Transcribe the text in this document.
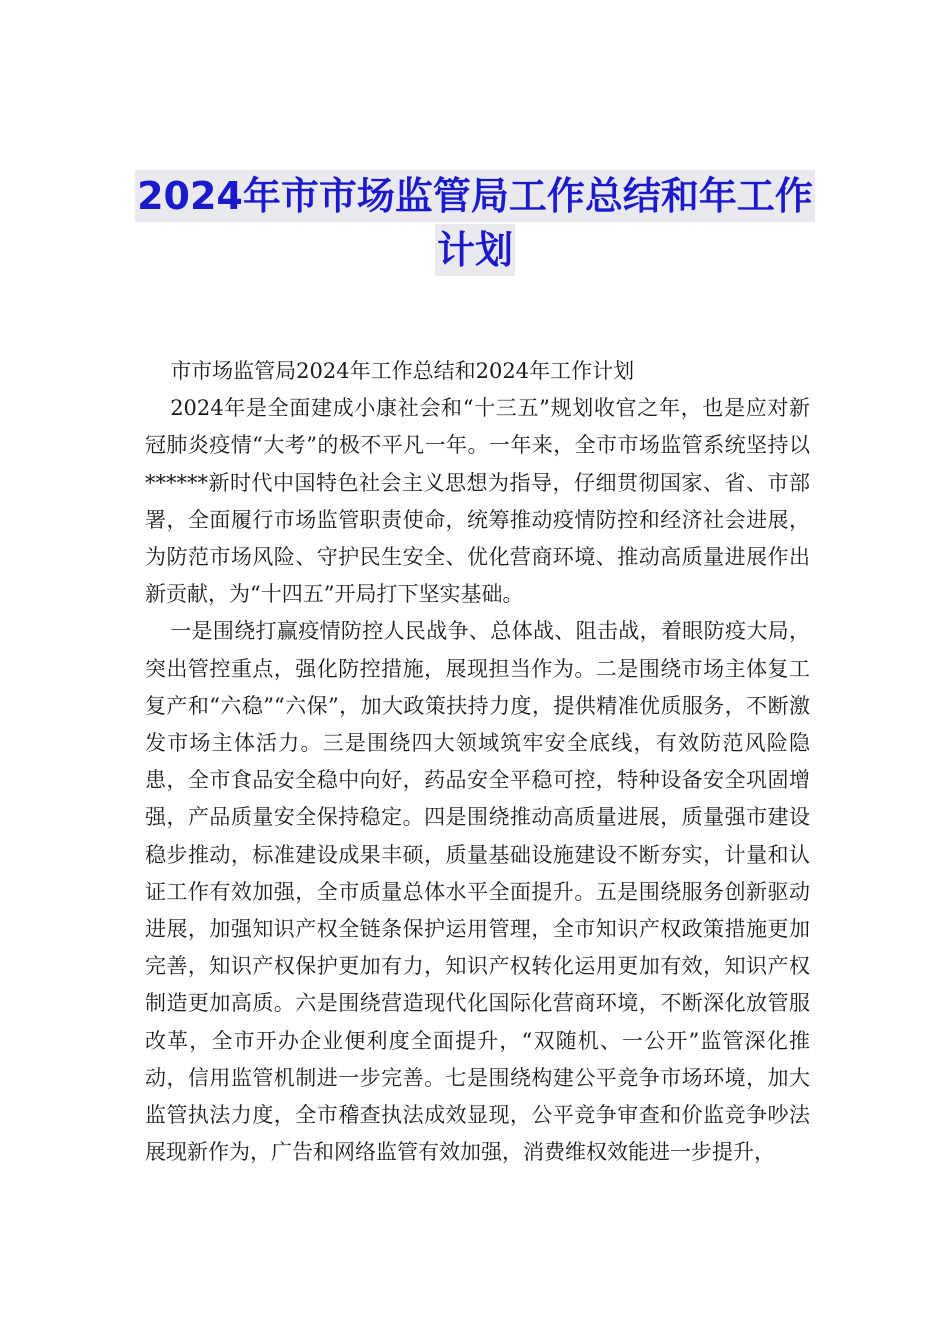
2024年市市场监管局工作总结和年工作
计划

市市场监管局2024年工作总结和2024年工作计划

2024年是全面建成小康社会和“十三五”规划收官之年，也是应对新冠肺炎疫情“大考”的极不平凡一年。一年来，全市市场监管系统坚持以******新时代中国特色社会主义思想为指导，仔细贯彻国家、省、市部署，全面履行市场监管职责使命，统筹推动疫情防控和经济社会进展，为防范市场风险、守护民生安全、优化营商环境、推动高质量进展作出新贡献，为“十四五”开局打下坚实基础。

一是围绕打赢疫情防控人民战争、总体战、阻击战，着眼防疫大局，突出管控重点，强化防控措施，展现担当作为。二是围绕市场主体复工复产和“六稳”“六保”，加大政策扶持力度，提供精准优质服务，不断激发市场主体活力。三是围绕四大领域筑牢安全底线，有效防范风险隐患，全市食品安全稳中向好，药品安全平稳可控，特种设备安全巩固增强，产品质量安全保持稳定。四是围绕推动高质量进展，质量强市建设稳步推动，标准建设成果丰硕，质量基础设施建设不断夯实，计量和认证工作有效加强，全市质量总体水平全面提升。五是围绕服务创新驱动进展，加强知识产权全链条保护运用管理，全市知识产权政策措施更加完善，知识产权保护更加有力，知识产权转化运用更加有效，知识产权制造更加高质。六是围绕营造现代化国际化营商环境，不断深化放管服改革，全市开办企业便利度全面提升，“双随机、一公开”监管深化推动，信用监管机制进一步完善。七是围绕构建公平竞争市场环境，加大监管执法力度，全市稽查执法成效显现，公平竞争审查和价监竞争吵法展现新作为，广告和网络监管有效加强，消费维权效能进一步提升，
